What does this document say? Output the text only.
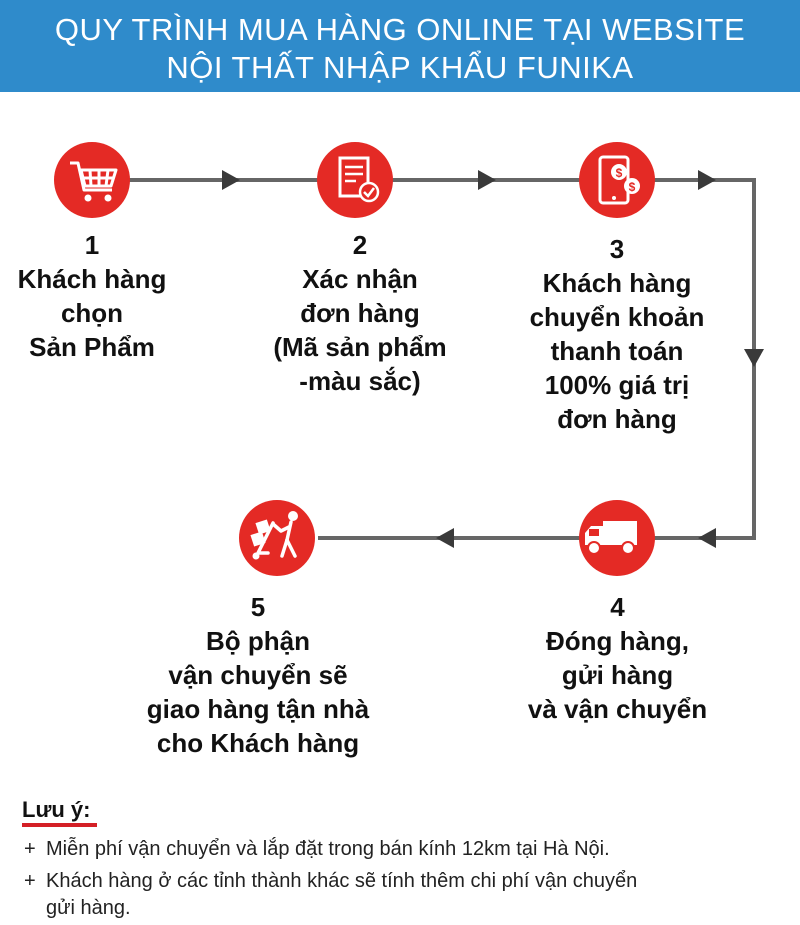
QUY TRÌNH MUA HÀNG ONLINE TẠI WEBSITE
NỘI THẤT NHẬP KHẨU FUNIKA
$
$
1
Khách hàng
chọn
Sản Phẩm
2
Xác nhận
đơn hàng
(Mã sản phẩm
-màu sắc)
3
Khách hàng
chuyển khoản
thanh toán
100% giá trị
đơn hàng
4
Đóng hàng,
gửi hàng
và vận chuyển
5
Bộ phận
vận chuyển sẽ
giao hàng tận nhà
cho Khách hàng
Lưu ý:
+ Miễn phí vận chuyển và lắp đặt trong bán kính 12km tại Hà Nội.
+ Khách hàng ở các tỉnh thành khác sẽ tính thêm chi phí vận chuyển
gửi hàng.
